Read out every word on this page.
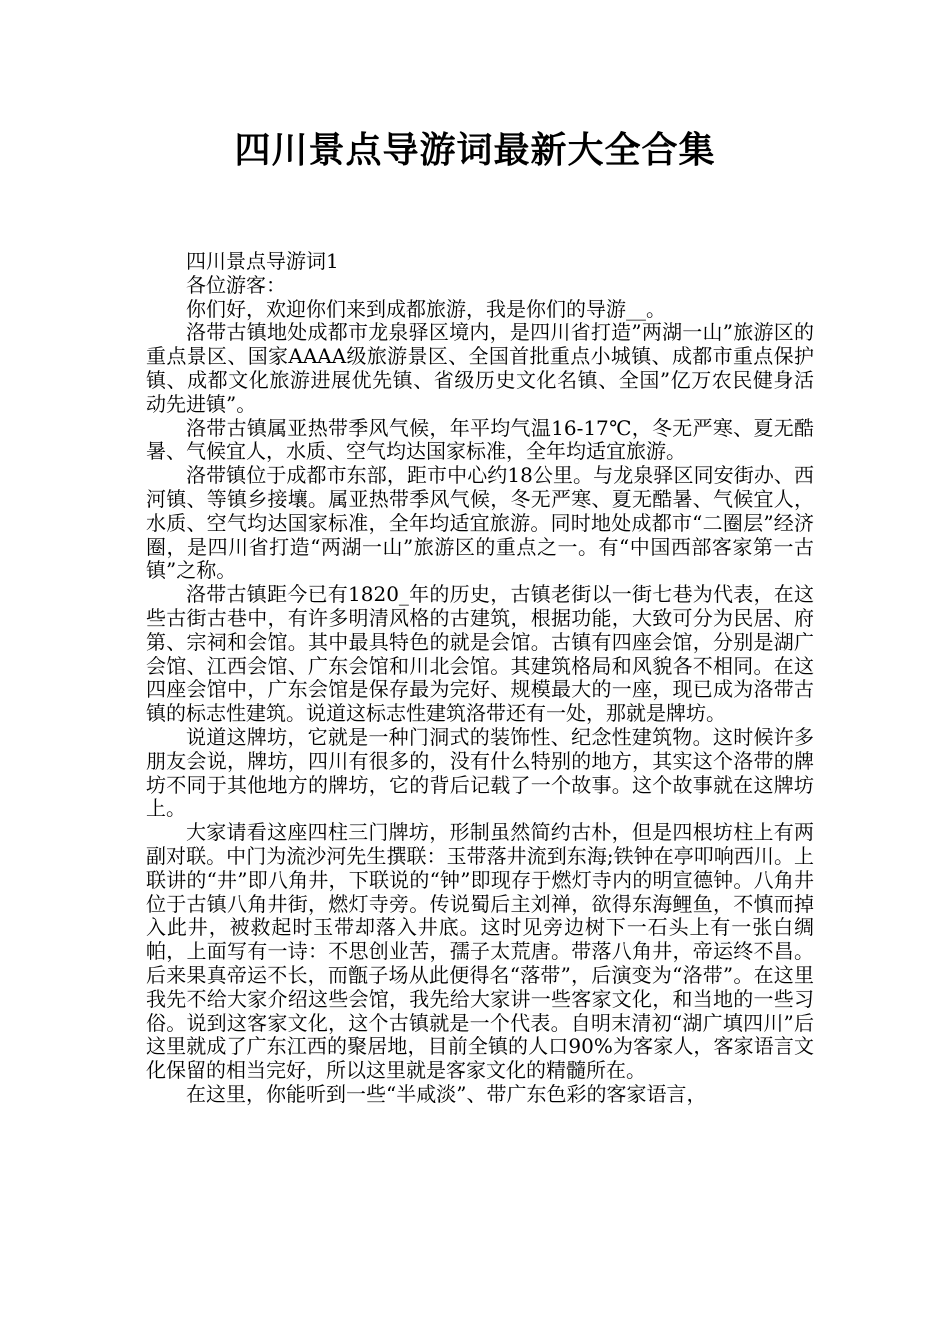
四川景点导游词最新大全合集

四川景点导游词1

各位游客：

你们好，欢迎你们来到成都旅游，我是你们的导游__。

洛带古镇地处成都市龙泉驿区境内，是四川省打造”两湖一山”旅游区的重点景区、国家AAAA级旅游景区、全国首批重点小城镇、成都市重点保护镇、成都文化旅游进展优先镇、省级历史文化名镇、全国”亿万农民健身活动先进镇”。

洛带古镇属亚热带季风气候，年平均气温16-17℃，冬无严寒、夏无酷暑、气候宜人，水质、空气均达国家标准，全年均适宜旅游。

洛带镇位于成都市东部，距市中心约18公里。与龙泉驿区同安街办、西河镇、等镇乡接壤。属亚热带季风气候，冬无严寒、夏无酷暑、气候宜人，水质、空气均达国家标准，全年均适宜旅游。同时地处成都市“二圈层”经济圈，是四川省打造“两湖一山”旅游区的重点之一。有“中国西部客家第一古镇”之称。

洛带古镇距今已有1820_年的历史，古镇老街以一街七巷为代表，在这些古街古巷中，有许多明清风格的古建筑，根据功能，大致可分为民居、府第、宗祠和会馆。其中最具特色的就是会馆。古镇有四座会馆，分别是湖广会馆、江西会馆、广东会馆和川北会馆。其建筑格局和风貌各不相同。在这四座会馆中，广东会馆是保存最为完好、规模最大的一座，现已成为洛带古镇的标志性建筑。说道这标志性建筑洛带还有一处，那就是牌坊。

说道这牌坊，它就是一种门洞式的装饰性、纪念性建筑物。这时候许多朋友会说，牌坊，四川有很多的，没有什么特别的地方，其实这个洛带的牌坊不同于其他地方的牌坊，它的背后记载了一个故事。这个故事就在这牌坊上。

大家请看这座四柱三门牌坊，形制虽然简约古朴，但是四根坊柱上有两副对联。中门为流沙河先生撰联：玉带落井流到东海;铁钟在亭叩响西川。上联讲的“井”即八角井，下联说的“钟”即现存于燃灯寺内的明宣德钟。八角井位于古镇八角井街，燃灯寺旁。传说蜀后主刘禅，欲得东海鲤鱼，不慎而掉入此井，被救起时玉带却落入井底。这时见旁边树下一石头上有一张白绸帕，上面写有一诗：不思创业苦，孺子太荒唐。带落八角井，帝运终不昌。后来果真帝运不长，而甑子场从此便得名“落带”，后演变为“洛带”。在这里我先不给大家介绍这些会馆，我先给大家讲一些客家文化，和当地的一些习俗。说到这客家文化，这个古镇就是一个代表。自明末清初“湖广填四川”后这里就成了广东江西的聚居地，目前全镇的人口90%为客家人，客家语言文化保留的相当完好，所以这里就是客家文化的精髓所在。

在这里，你能听到一些“半咸淡”、带广东色彩的客家语言，
